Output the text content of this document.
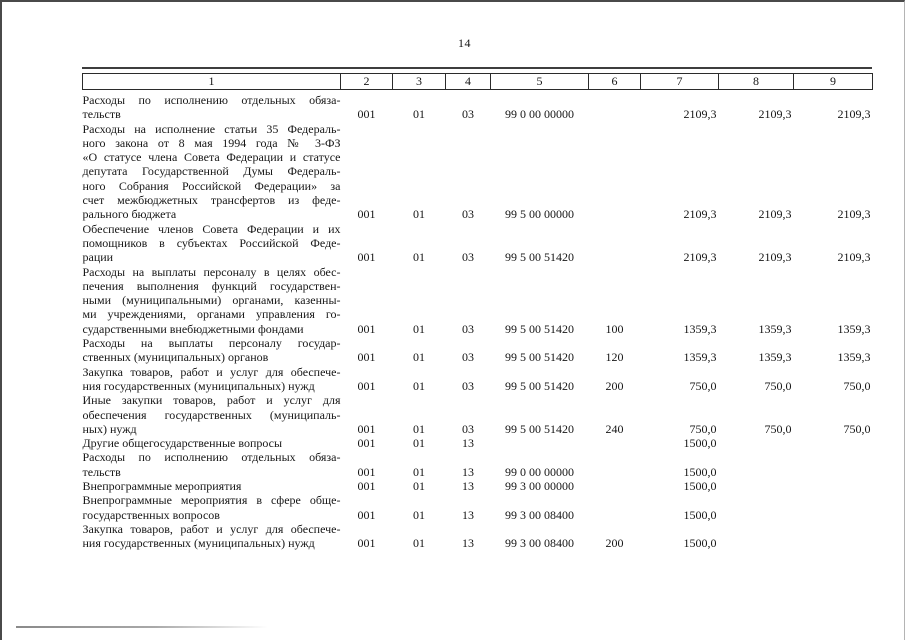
14
1	2	3	4	5	6	7	8	9

Расходы по исполнению отдельных обяза-
тельств	001	01	03	99 0 00 00000		2109,3	2109,3	2109,3

Расходы на исполнение статьи 35 Федераль-
ного закона от 8 мая 1994 года № 3-ФЗ
«О статусе члена Совета Федерации и статусе
депутата Государственной Думы Федераль-
ного Собрания Российской Федерации» за
счет межбюджетных трансфертов из феде-
рального бюджета	001	01	03	99 5 00 00000		2109,3	2109,3	2109,3

Обеспечение членов Совета Федерации и их
помощников в субъектах Российской Феде-
рации	001	01	03	99 5 00 51420		2109,3	2109,3	2109,3

Расходы на выплаты персоналу в целях обес-
печения выполнения функций государствен-
ными (муниципальными) органами, казенны-
ми учреждениями, органами управления го-
сударственными внебюджетными фондами	001	01	03	99 5 00 51420	100	1359,3	1359,3	1359,3

Расходы на выплаты персоналу государ-
ственных (муниципальных) органов	001	01	03	99 5 00 51420	120	1359,3	1359,3	1359,3

Закупка товаров, работ и услуг для обеспече-
ния государственных (муниципальных) нужд	001	01	03	99 5 00 51420	200	750,0	750,0	750,0

Иные закупки товаров, работ и услуг для
обеспечения государственных (муниципаль-
ных) нужд	001	01	03	99 5 00 51420	240	750,0	750,0	750,0

Другие общегосударственные вопросы	001	01	13			1500,0		

Расходы по исполнению отдельных обяза-
тельств	001	01	13	99 0 00 00000		1500,0		

Внепрограммные мероприятия	001	01	13	99 3 00 00000		1500,0		

Внепрограммные мероприятия в сфере обще-
государственных вопросов	001	01	13	99 3 00 08400		1500,0		

Закупка товаров, работ и услуг для обеспече-
ния государственных (муниципальных) нужд	001	01	13	99 3 00 08400	200	1500,0		
